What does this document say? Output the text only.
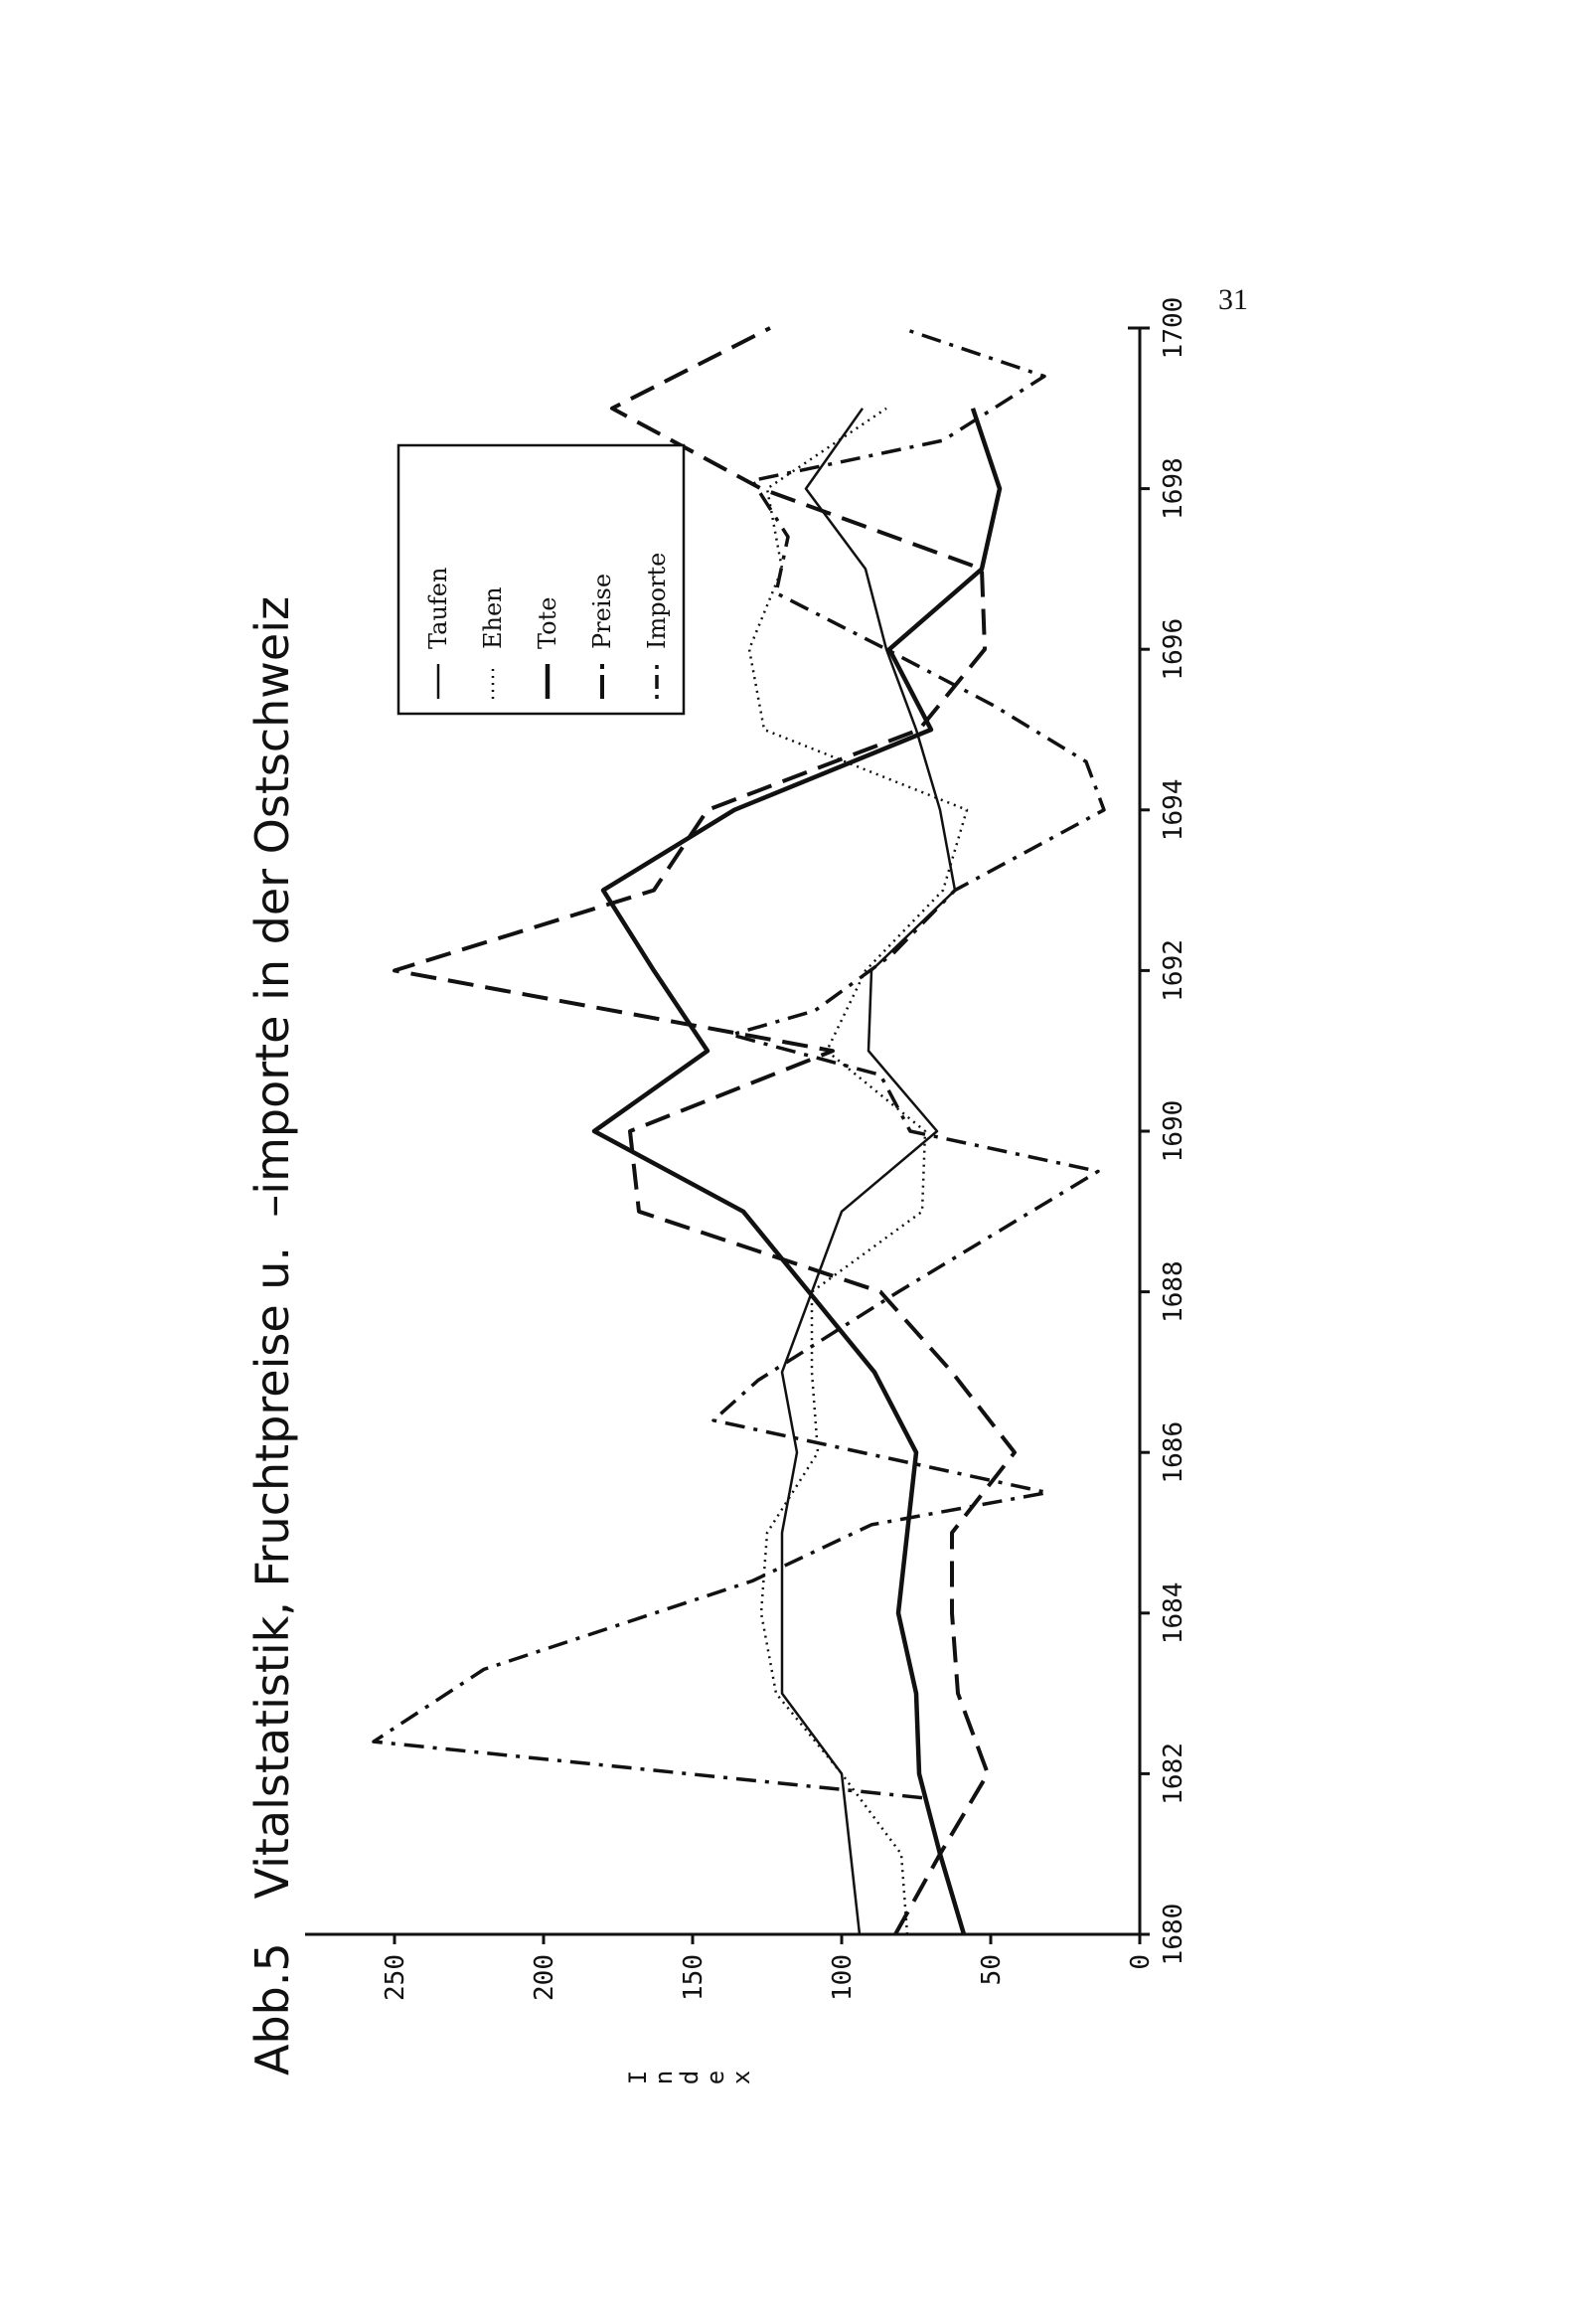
31
Abb.5   Vitalstatistik, Fruchtpreise u.  –importe in der Ostschweiz
I
n
d
e
x
1680
1682
1684
1686
1688
1690
1692
1694
1696
1698
1700
0
50
100
150
200
250
Taufen Ehen Tote Preise Importe
